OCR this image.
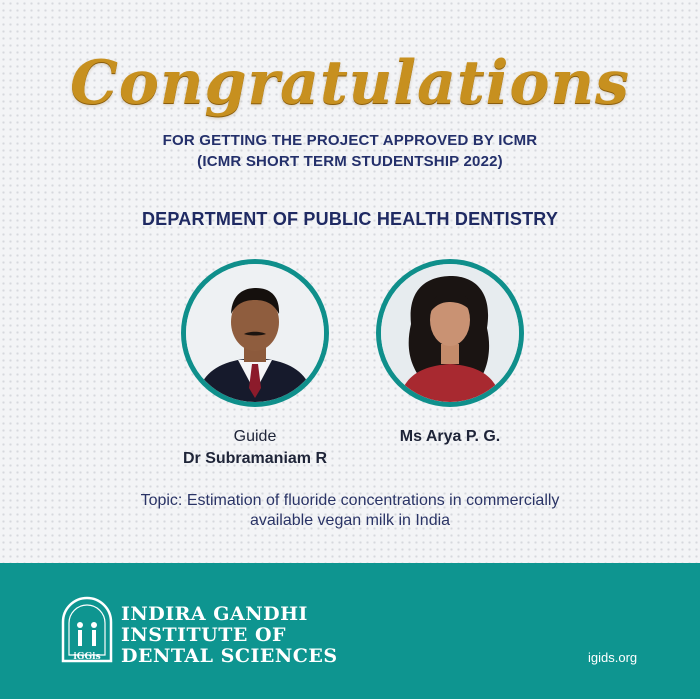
Congratulations
FOR GETTING THE PROJECT APPROVED BY ICMR
(ICMR SHORT TERM STUDENTSHIP 2022)
DEPARTMENT OF PUBLIC HEALTH DENTISTRY
Guide
Dr Subramaniam R
Ms Arya P. G.
Topic: Estimation of fluoride concentrations in commercially
available vegan milk in India
iGGis
INDIRA GANDHI
INSTITUTE OF
DENTAL SCIENCES	igids.org
